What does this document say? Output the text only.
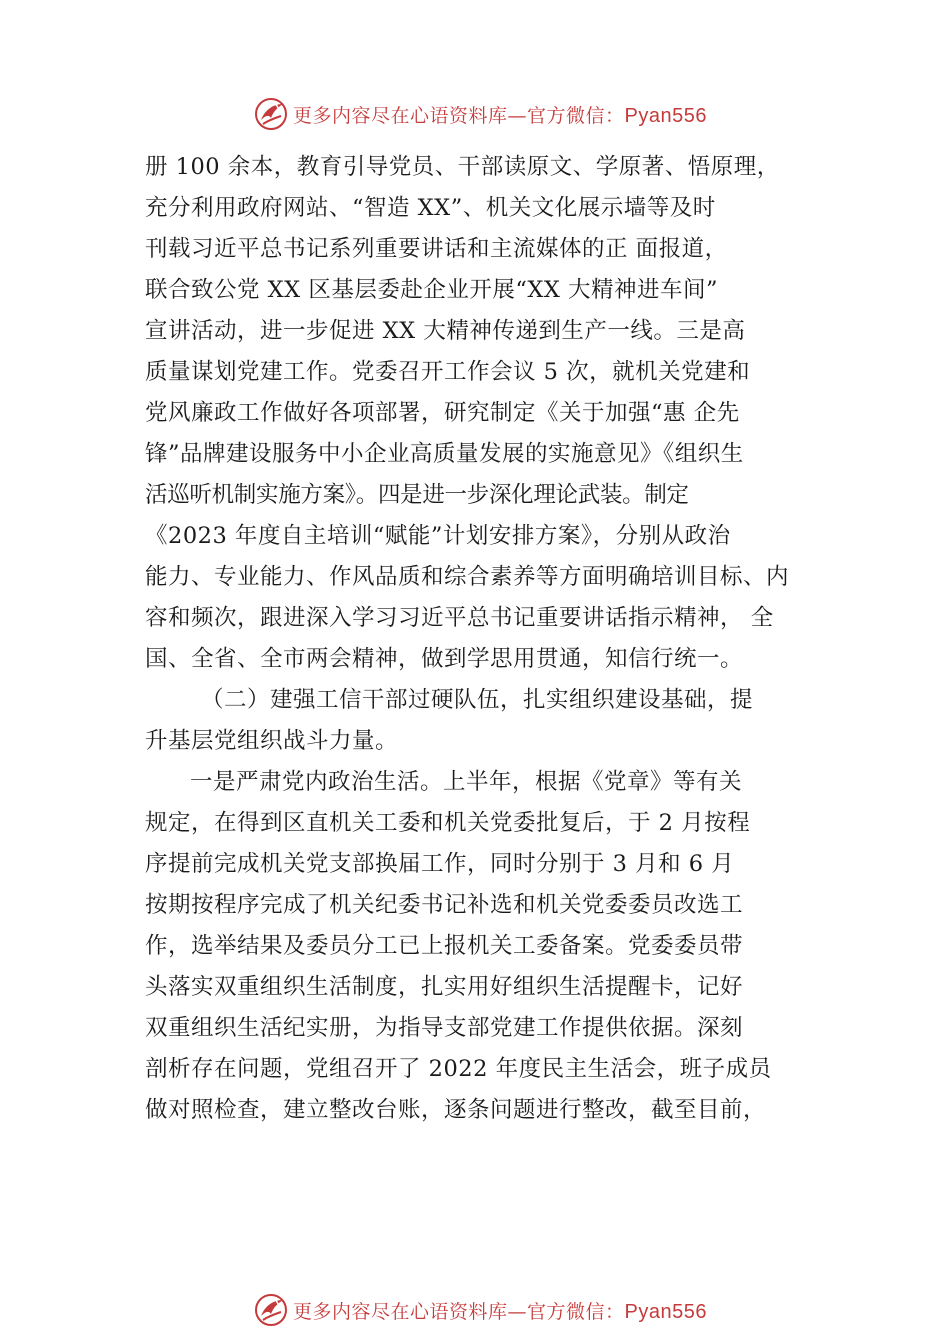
更多内容尽在心语资料库—官方微信：Pyan556
册 100 余本，教育引导党员、干部读原文、学原著、悟原理，
充分利用政府网站、“智造 XX”、机关文化展示墙等及时
刊载习近平总书记系列重要讲话和主流媒体的正 面报道，
联合致公党 XX 区基层委赴企业开展“XX 大精神进车间”
宣讲活动，进一步促进 XX 大精神传递到生产一线。三是高
质量谋划党建工作。党委召开工作会议 5 次，就机关党建和
党风廉政工作做好各项部署，研究制定《关于加强“惠 企先
锋”品牌建设服务中小企业高质量发展的实施意见》《组织生
活巡听机制实施方案》。四是进一步深化理论武装。制定
《2023 年度自主培训“赋能”计划安排方案》，分别从政治
能力、专业能力、作风品质和综合素养等方面明确培训目标、内
容和频次，跟进深入学习习近平总书记重要讲话指示精神， 全
国、全省、全市两会精神，做到学思用贯通，知信行统一。
（二）建强工信干部过硬队伍，扎实组织建设基础，提
升基层党组织战斗力量。
一是严肃党内政治生活。上半年，根据《党章》等有关
规定，在得到区直机关工委和机关党委批复后，于 2 月按程
序提前完成机关党支部换届工作，同时分别于 3 月和 6 月
按期按程序完成了机关纪委书记补选和机关党委委员改选工
作，选举结果及委员分工已上报机关工委备案。党委委员带
头落实双重组织生活制度，扎实用好组织生活提醒卡，记好
双重组织生活纪实册，为指导支部党建工作提供依据。深刻
剖析存在问题，党组召开了 2022 年度民主生活会，班子成员
做对照检查，建立整改台账，逐条问题进行整改，截至目前，
更多内容尽在心语资料库—官方微信：Pyan556
